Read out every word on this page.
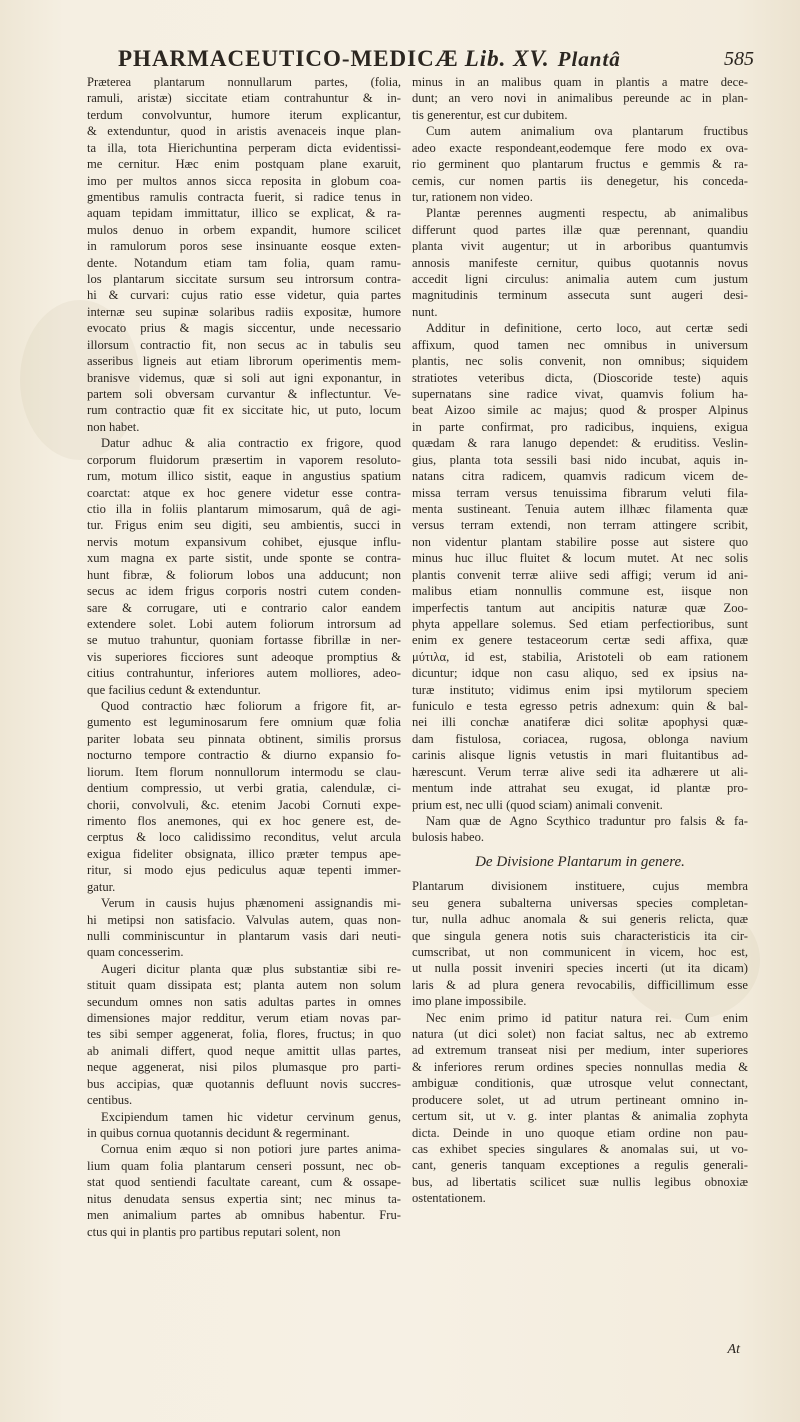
PHARMACEUTICO-MEDICÆ Lib. XV. Plantâ	585
Præterea plantarum nonnullarum partes, (folia,
ramuli, aristæ) siccitate etiam contrahuntur & in-
terdum convolvuntur, humore iterum explicantur,
& extenduntur, quod in aristis avenaceis inque plan-
ta illa, tota Hierichuntina perperam dicta evidentissi-
me cernitur. Hæc enim postquam plane exaruit,
imo per multos annos sicca reposita in globum coa-
gmentibus ramulis contracta fuerit, si radice tenus in
aquam tepidam immittatur, illico se explicat, & ra-
mulos denuo in orbem expandit, humore scilicet
in ramulorum poros sese insinuante eosque exten-
dente. Notandum etiam tam folia, quam ramu-
los plantarum siccitate sursum seu introrsum contra-
hi & curvari: cujus ratio esse videtur, quia partes
internæ seu supinæ solaribus radiis expositæ, humore
evocato prius & magis siccentur, unde necessario
illorsum contractio fit, non secus ac in tabulis seu
asseribus ligneis aut etiam librorum operimentis mem-
branisve videmus, quæ si soli aut igni exponantur, in
partem soli obversam curvantur & inflectuntur. Ve-
rum contractio quæ fit ex siccitate hic, ut puto, locum
non habet.
Datur adhuc & alia contractio ex frigore, quod
corporum fluidorum præsertim in vaporem resoluto-
rum, motum illico sistit, eaque in angustius spatium
coarctat: atque ex hoc genere videtur esse contra-
ctio illa in foliis plantarum mimosarum, quâ de agi-
tur. Frigus enim seu digiti, seu ambientis, succi in
nervis motum expansivum cohibet, ejusque influ-
xum magna ex parte sistit, unde sponte se contra-
hunt fibræ, & foliorum lobos una adducunt; non
secus ac idem frigus corporis nostri cutem conden-
sare & corrugare, uti e contrario calor eandem
extendere solet. Lobi autem foliorum introrsum ad
se mutuo trahuntur, quoniam fortasse fibrillæ in ner-
vis superiores ficciores sunt adeoque promptius &
citius contrahuntur, inferiores autem molliores, adeo-
que facilius cedunt & extenduntur.
Quod contractio hæc foliorum a frigore fit, ar-
gumento est leguminosarum fere omnium quæ folia
pariter lobata seu pinnata obtinent, similis prorsus
nocturno tempore contractio & diurno expansio fo-
liorum. Item florum nonnullorum intermodu se clau-
dentium compressio, ut verbi gratia, calendulæ, ci-
chorii, convolvuli, &c. etenim Jacobi Cornuti expe-
rimento flos anemones, qui ex hoc genere est, de-
cerptus & loco calidissimo reconditus, velut arcula
exigua fideliter obsignata, illico præter tempus ape-
ritur, si modo ejus pediculus aquæ tepenti immer-
gatur.
Verum in causis hujus phænomeni assignandis mi-
hi metipsi non satisfacio. Valvulas autem, quas non-
nulli comminiscuntur in plantarum vasis dari neuti-
quam concesserim.
Augeri dicitur planta quæ plus substantiæ sibi re-
stituit quam dissipata est; planta autem non solum
secundum omnes non satis adultas partes in omnes
dimensiones major redditur, verum etiam novas par-
tes sibi semper aggenerat, folia, flores, fructus; in quo
ab animali differt, quod neque amittit ullas partes,
neque aggenerat, nisi pilos plumasque pro parti-
bus accipias, quæ quotannis defluunt novis succres-
centibus.
Excipiendum tamen hic videtur cervinum genus,
in quibus cornua quotannis decidunt & regerminant.
Cornua enim æquo si non potiori jure partes anima-
lium quam folia plantarum censeri possunt, nec ob-
stat quod sentiendi facultate careant, cum & ossape-
nitus denudata sensus expertia sint; nec minus ta-
men animalium partes ab omnibus habentur. Fru-
ctus qui in plantis pro partibus reputari solent, non
minus in an malibus quam in plantis a matre dece-
dunt; an vero novi in animalibus pereunde ac in plan-
tis generentur, est cur dubitem.
Cum autem animalium ova plantarum fructibus
adeo exacte respondeant,eodemque fere modo ex ova-
rio germinent quo plantarum fructus e gemmis & ra-
cemis, cur nomen partis iis denegetur, his conceda-
tur, rationem non video.
Plantæ perennes augmenti respectu, ab animalibus
differunt quod partes illæ quæ perennant, quandiu
planta vivit augentur; ut in arboribus quantumvis
annosis manifeste cernitur, quibus quotannis novus
accedit ligni circulus: animalia autem cum justum
magnitudinis terminum assecuta sunt augeri desi-
nunt.
Additur in definitione, certo loco, aut certæ sedi
affixum, quod tamen nec omnibus in universum
plantis, nec solis convenit, non omnibus; siquidem
stratiotes veteribus dicta, (Dioscoride teste) aquis
supernatans sine radice vivat, quamvis folium ha-
beat Aizoo simile ac majus; quod & prosper Alpinus
in parte confirmat, pro radicibus, inquiens, exigua
quædam & rara lanugo dependet: & eruditiss. Veslin-
gius, planta tota sessili basi nido incubat, aquis in-
natans citra radicem, quamvis radicum vicem de-
missa terram versus tenuissima fibrarum veluti fila-
menta sustineant. Tenuia autem illhæc filamenta quæ
versus terram extendi, non terram attingere scribit,
non videntur plantam stabilire posse aut sistere quo
minus huc illuc fluitet & locum mutet. At nec solis
plantis convenit terræ aliive sedi affigi; verum id ani-
malibus etiam nonnullis commune est, iisque non
imperfectis tantum aut ancipitis naturæ quæ Zoo-
phyta appellare solemus. Sed etiam perfectioribus, sunt
enim ex genere testaceorum certæ sedi affixa, quæ
μύτιλα, id est, stabilia, Aristoteli ob eam rationem
dicuntur; idque non casu aliquo, sed ex ipsius na-
turæ instituto; vidimus enim ipsi mytilorum speciem
funiculo e testa egresso petris adnexum: quin & bal-
nei illi conchæ anatiferæ dici solitæ apophysi quæ-
dam fistulosa, coriacea, rugosa, oblonga navium
carinis alisque lignis vetustis in mari fluitantibus ad-
hærescunt. Verum terræ alive sedi ita adhærere ut ali-
mentum inde attrahat seu exugat, id plantæ pro-
prium est, nec ulli (quod sciam) animali convenit.
Nam quæ de Agno Scythico traduntur pro falsis & fa-
bulosis habeo.
De Divisione Plantarum in genere.
Plantarum divisionem instituere, cujus membra
seu genera subalterna universas species completan-
tur, nulla adhuc anomala & sui generis relicta, quæ
que singula genera notis suis characteristicis ita cir-
cumscribat, ut non communicent in vicem, hoc est,
ut nulla possit inveniri species incerti (ut ita dicam)
laris & ad plura genera revocabilis, difficillimum esse
imo plane impossibile.
Nec enim primo id patitur natura rei. Cum enim
natura (ut dici solet) non faciat saltus, nec ab extremo
ad extremum transeat nisi per medium, inter superiores
& inferiores rerum ordines species nonnullas media &
ambiguæ conditionis, quæ utrosque velut connectant,
producere solet, ut ad utrum pertineant omnino in-
certum sit, ut v. g. inter plantas & animalia zophyta
dicta. Deinde in uno quoque etiam ordine non pau-
cas exhibet species singulares & anomalas sui, ut vo-
cant, generis tanquam exceptiones a regulis generali-
bus, ad libertatis scilicet suæ nullis legibus obnoxiæ
ostentationem.
At
